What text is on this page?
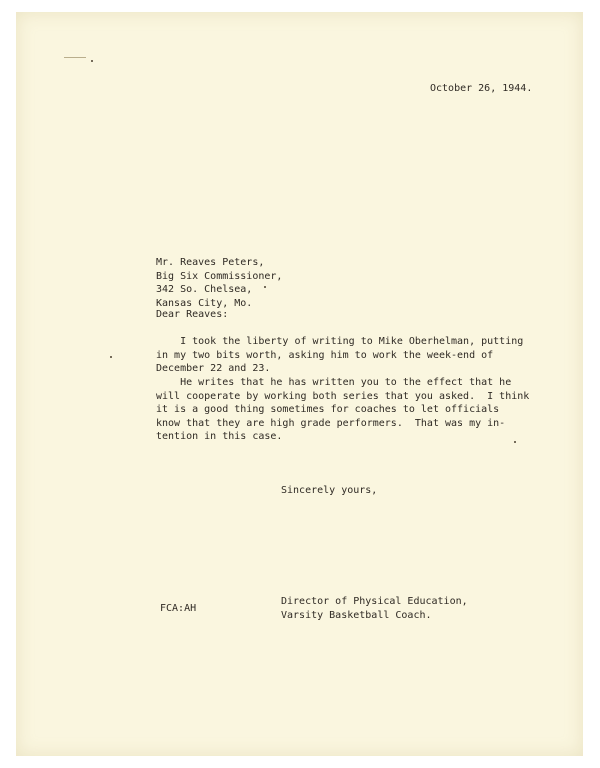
October 26, 1944.

Mr. Reaves Peters,
Big Six Commissioner,
342 So. Chelsea,
Kansas City, Mo.

Dear Reaves:

I took the liberty of writing to Mike Oberhelman, putting
in my two bits worth, asking him to work the week-end of
December 22 and 23.
He writes that he has written you to the effect that he
will cooperate by working both series that you asked.  I think
it is a good thing sometimes for coaches to let officials
know that they are high grade performers.  That was my in-
tention in this case.

Sincerely yours,

FCA:AH

Director of Physical Education,
Varsity Basketball Coach.
